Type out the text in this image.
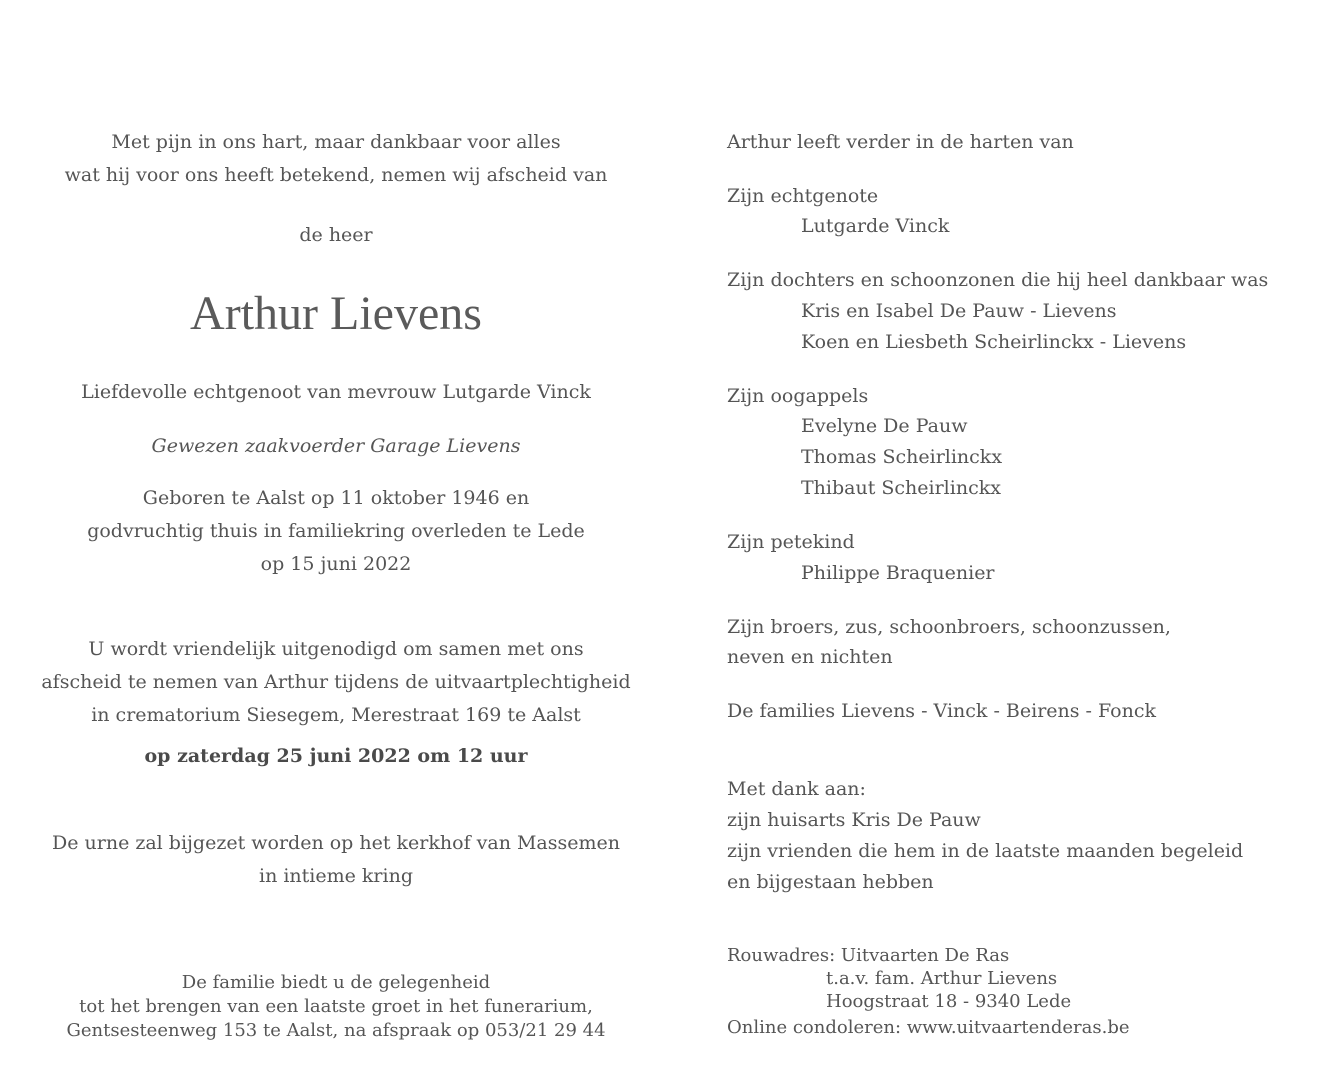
Met pijn in ons hart, maar dankbaar voor alles
wat hij voor ons heeft betekend, nemen wij afscheid van
de heer
Arthur Lievens
Liefdevolle echtgenoot van mevrouw Lutgarde Vinck
Gewezen zaakvoerder Garage Lievens
Geboren te Aalst op 11 oktober 1946 en
godvruchtig thuis in familiekring overleden te Lede
op 15 juni 2022
U wordt vriendelijk uitgenodigd om samen met ons
afscheid te nemen van Arthur tijdens de uitvaartplechtigheid
in crematorium Siesegem, Merestraat 169 te Aalst
op zaterdag 25 juni 2022 om 12 uur
De urne zal bijgezet worden op het kerkhof van Massemen
in intieme kring
De familie biedt u de gelegenheid
tot het brengen van een laatste groet in het funerarium,
Gentsesteenweg 153 te Aalst, na afspraak op 053/21 29 44
Arthur leeft verder in de harten van
Zijn echtgenote
Lutgarde Vinck
Zijn dochters en schoonzonen die hij heel dankbaar was
Kris en Isabel De Pauw - Lievens
Koen en Liesbeth Scheirlinckx - Lievens
Zijn oogappels
Evelyne De Pauw
Thomas Scheirlinckx
Thibaut Scheirlinckx
Zijn petekind
Philippe Braquenier
Zijn broers, zus, schoonbroers, schoonzussen,
neven en nichten
De families Lievens - Vinck - Beirens - Fonck
Met dank aan:
zijn huisarts Kris De Pauw
zijn vrienden die hem in de laatste maanden begeleid
en bijgestaan hebben
Rouwadres: Uitvaarten De Ras
t.a.v. fam. Arthur Lievens
Hoogstraat 18 - 9340 Lede
Online condoleren: www.uitvaartenderas.be
